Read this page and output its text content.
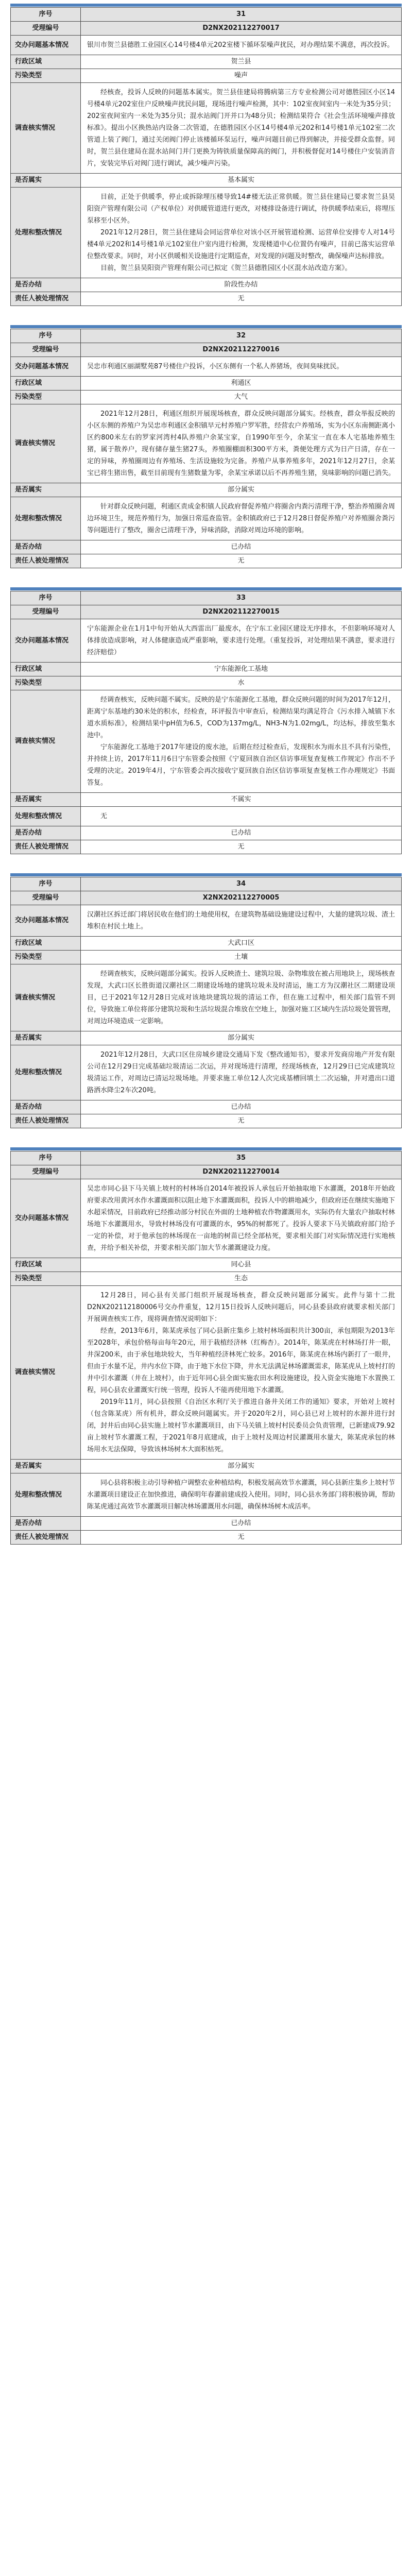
序号	31
受理编号	D2NX202112270017
交办问题基本情况	银川市贺兰县德胜工业园区心14号楼4单元202室楼下循环泵噪声扰民，对办理结果不满意，再次投诉。
行政区域	贺兰县
污染类型	噪声
调查核实情况	经核查，投诉人反映的问题基本属实。贺兰县佳建局将腾病第三方专业检测公司对德胜园区小区14号楼4单元202室住户反映噪声扰民问题，现场进行噪声检测，其中：102室夜间室内一米处为35分贝；202室夜间室内一米处为35分贝；混水站阀门开并口为48分贝；检测结果符合《社会生活环境噪声排放标准》。提出小区换热站内设备二次管道，在德胜园区小区14号楼4单元202和14号楼1单元102室二次管道上装了阀门，通过关闭阀门停止该楼循环泵运行，噪声问题目前已得到解决，并接受群众监督。同时，贺兰县住建局在混水站间门并门更换为铸铁质量保障高的阀门，并积极督促对14号楼住户安装消音片，安装完毕后对阀门进行调试，减少噪声污染。

是否属实	基本属实
处理和整改情况	目前，正处于供暖季，停止或拆除埋压楼导致14#楼无法正常供暖。贺兰县住建局已要求贺兰县昊阳资产管理有限公司（产权单位）对供暖管道进行更改，对楼排设备进行调试，待供暖季结束后，将埋压泵移至小区外。
2021年12月28日，贺兰县住建局会同运营单位对该小区开展管道检测、运营单位安排专人对14号楼4单元202和14号楼1单元102室住户室内进行检测，发现楼道中心位置仍有噪声，目前已落实运营单位整改要求。同时，对小区供暖相关设施进行定期巡查，对发现的问题及时整改，确保噪声达标排放。
目前，贺兰县昊阳资产管理有限公司已拟定《贺兰县德胜园区小区混水站改造方案》。

是否办结	阶段性办结
责任人被处理情况	无
序号	32
受理编号	D2NX202112270016
交办问题基本情况	吴忠市利通区丽湖墅苑87号楼住户投诉，小区东侧有一个私人养猪场，夜间臭味扰民。
行政区域	利通区
污染类型	大气
调查核实情况	2021年12月28日，利通区组织开展现场核查，群众反映问题部分属实。经核查，群众举报反映的小区东侧的养殖户为吴忠市利通区金积镇早元村养殖户罗军胜，经营农户养殖场，实为小区东南侧距离小区约800米左右的罗家河湾村4队养殖户余某宝家，自1990年至今，余某宝一直在本人宅基地养殖生猪，属于散养户，现有储存量生猪27头，养殖圈棚面积300平方米，粪便处理方式为日产日清，存在一定的异味，养殖圈周边有养殖场、生活设施较为完备。养殖户从事养殖多年，2021年12月27日，余某宝已将生猪出售，截至目前现有生猪数量为零，余某宝承诺以后不再养殖生猪，臭味影响的问题已消失。

是否属实	部分属实
处理和整改情况	针对群众反映问题，利通区责成金积镇人民政府督促养殖户将圈舍内粪污清理干净，整治养殖圈舍周边环境卫生，规范养殖行为，加强日常巡查监管。金积镇政府已于12月28日督促养殖户对养殖圈舍粪污等问题进行了整改，圈舍已清理干净，异味消除，消除对周边环境的影响。

是否办结	已办结
责任人被处理情况	无
序号	33
受理编号	D2NX202112270015
交办问题基本情况	宁东能源企业在1月1中旬开始从大西雷出厂最废水，在宁东工业园区建设无序排水，不但影响环境对人体排放造成影响，对人体健康造成严重影响，要求进行处理。（重复投诉，对处理结果不满意，要求进行经济赔偿）
行政区域	宁东能源化工基地
污染类型	水
调查核实情况	经调查核实，反映问题不属实。反映的是宁东能源化工基地，群众反映问题的时间为2017年12月，距离宁东基地约30米处的积水，经检查，环评报告中审查后，检测结果均满足符合《污水排入城镇下水道水质标准》，检测结果中pH值为6.5，COD为137mg/L，NH3-N为1.02mg/L，均达标，排放至集水池中。
宁东能源化工基地于2017年建设的废水池，后期在经过检查后，发现积水为雨水且不具有污染性，并持续上访，2017年11月6日宁东管委会按照《宁夏回族自治区信访事项复查复核工作规定》作出不予受理的决定。2019年4月，宁东管委会再次接收宁夏回族自治区信访事项复查复核工作办理规定》书面答复。

是否属实	不属实
处理和整改情况	无

是否办结	已办结
责任人被处理情况	无
序号	34
受理编号	X2NX202112270005
交办问题基本情况	汉潮社区拆迁部门将居民收在他们的土地使用权，在建筑物基础设施建设过程中，大量的建筑垃圾、渣土堆积在村民土地上。
行政区域	大武口区
污染类型	土壤
调查核实情况	经调查核实，反映问题部分属实。投诉人反映渣土、建筑垃圾、杂物堆放在被占用地块上，现场核查发现，大武口区长胜街道汉潮社区二期建设场地的建筑垃圾未及时清运，施工方为汉潮社区二期建设项目，已于2021年12月28日完成对该地块建筑垃圾的清运工作，但在施工过程中，相关部门监管不到位，导致施工单位将部分建筑垃圾和生活垃圾混合堆放在空地上，加强对施工区域内生活垃圾处置管理，对周边环境造成一定影响。

是否属实	部分属实
处理和整改情况	2021年12月28日，大武口区住房城乡建设交通局下发《整改通知书》，要求开发商房地产开发有限公司在12月29日完成基础垃圾清运二次运，并对现场进行清理，经现场核查，12月29日已完成建筑垃圾清运工作，对周边已清运垃圾场地。并要求施工单位12人次完成基槽回填土二次运输，并对遗出口道路洒水降尘2车次20吨。

是否办结	已办结
责任人被处理情况	无
序号	35
受理编号	D2NX202112270014
交办问题基本情况	吴忠市同心县下马关镇上坡村的村林场自2014年被投诉人承包后开始抽取地下水灌溉，2018年开始政府要求改用黄河水作水灌溉面积以阻止地下水灌溉面积，投诉人中的耕地减少，但政府还在继续实施地下水超采情况，目前政府已经推动部分村民在外面的土地种植农作物灌溉用水，实际仍有大量农户抽取村林场地下水灌溉用水，导致村林场没有可灌溉的水，95%的树都死了。投诉人要求下马关镇政府部门给予一定的补偿，对于他承包的林场现在一亩地的树苗已经全部枯死，要求相关部门对实际情况进行实地核查，并给予相关补偿，并要求相关部门加大节水灌溉建设力度。
行政区域	同心县
污染类型	生态
调查核实情况	12月28日，同心县有关部门组织开展现场核查，群众反映问题部分属实。此件与第十二批D2NX202112180006号交办件重复，12月15日投诉人反映问题后，同心县委县政府就要求相关部门开展调查核实工作，现将调查情况说明如下：
经查，2013年6月，陈某虎承包了同心县新庄集乡上坡村林场面积共计300亩，承包期限为2013年至2028年，承包价格每亩每年20元，用于栽植经济林（红梅杏）。2014年，陈某虎在村林场打井一眼，井深200米，由于承包地块较大，当年种植经济林死亡较多。2016年，陈某虎在林场内新打了一眼井，但由于水量不足，井内水位下降，由于地下水位下降，井水无法满足林场灌溉需求，陈某虎从上坡村打的井中引水灌溉（井在上坡村），由于近年同心县全面实施农田水利设施建设，投入资金实施地下水置换工程，同心县农业灌溉实行统一管理，投诉人不能再使用地下水灌溉。
2019年11月，同心县按照《自治区水利厅关于推进自备井关闭工作的通知》要求，开始对上坡村（包含陈某虎）所有机井，群众反映问题属实。并于2020年2月，同心县已对上坡村的水源井进行封闭，封井后由同心县实施上坡村节水灌溉项目，由下马关镇上坡村村民委员会负责管理，已新建成79.92亩上坡村节水灌溉工程，于2021年8月底建成，由于上坡村及周边村民灌溉用水量大，陈某虎承包的林场用水无法保障，导致该林场树木大面积枯死。

是否属实	部分属实
处理和整改情况	同心县将积极主动引导种植户调整农业种植结构，积极发展高效节水灌溉，同心县新庄集乡上坡村节水灌溉项目建设正在加快推进，确保明年春灌前建成投入使用。同时，同心县水务部门将积极协调，帮助陈某虎通过高效节水灌溉项目解决林场灌溉用水问题，确保林场树木成活率。

是否办结	已办结
责任人被处理情况	无
